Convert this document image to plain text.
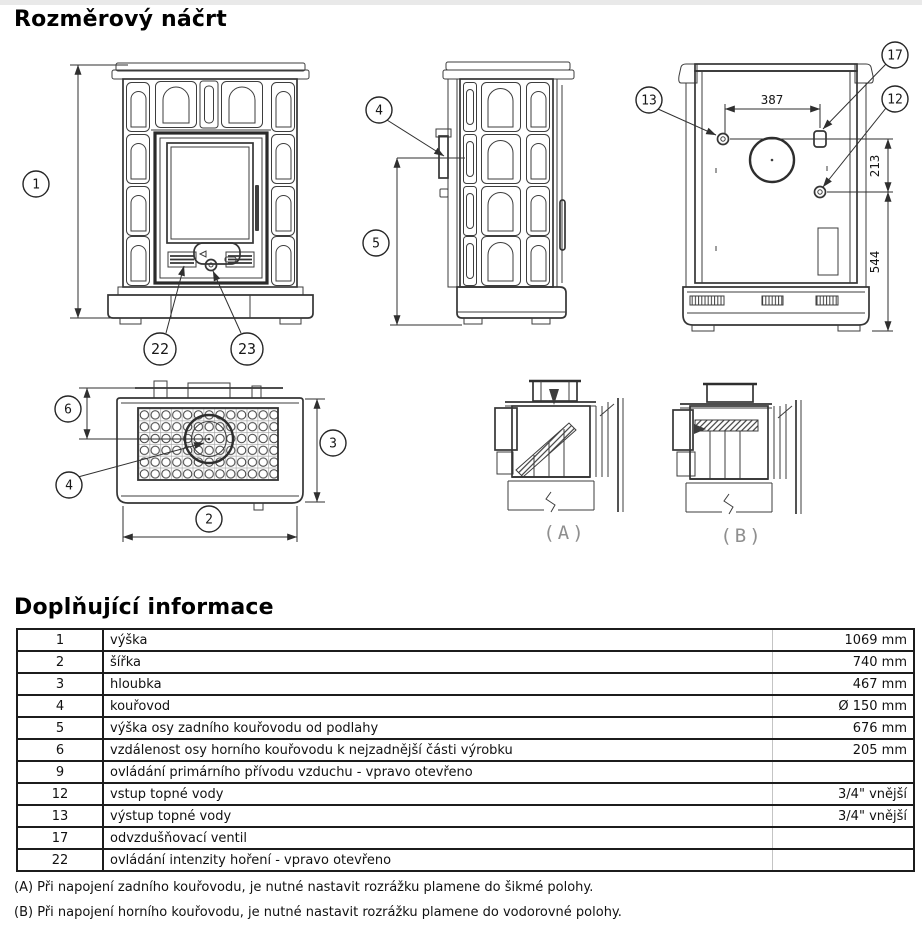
Rozměrový náčrt
1
22	23
4
5
387
213
544
13
17
12
6
4
3
2
(A)	(B)
Doplňující informace
1	výška	1069 mm
2	šířka	740 mm
3	hloubka	467 mm
4	kouřovod	Ø 150 mm
5	výška osy zadního kouřovodu od podlahy	676 mm
6	vzdálenost osy horního kouřovodu k nejzadnější části výrobku	205 mm
9	ovládání primárního přívodu vzduchu - vpravo otevřeno	
12	vstup topné vody	3/4" vnější
13	výstup topné vody	3/4" vnější
17	odvzdušňovací ventil	
22	ovládání intenzity hoření - vpravo otevřeno	

(A) Při napojení zadního kouřovodu, je nutné nastavit rozrážku plamene do šikmé polohy.

(B) Při napojení horního kouřovodu, je nutné nastavit rozrážku plamene do vodorovné polohy.
